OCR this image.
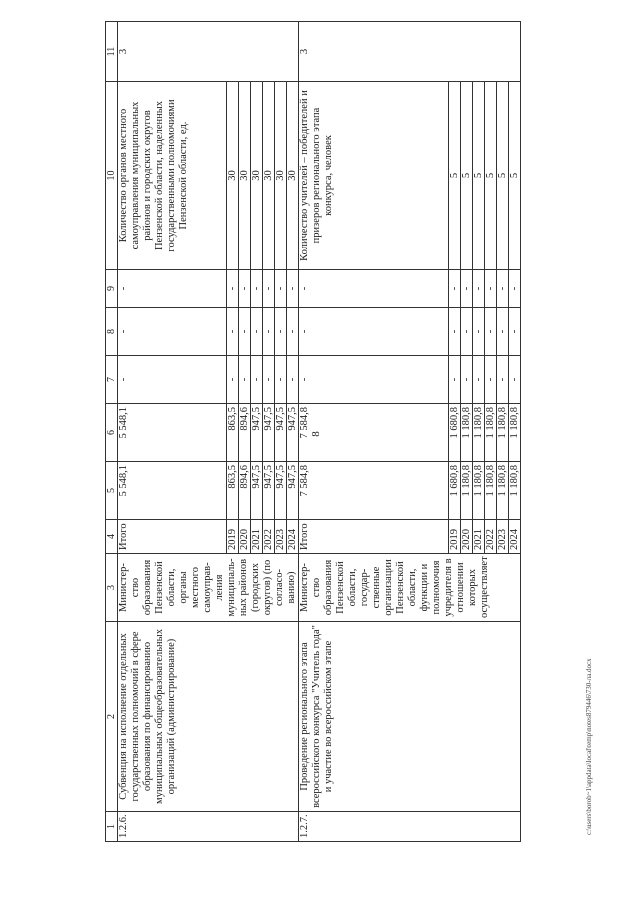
8
1	2	3	4	5	6	7	8	9	10	11
1.2.6.	Субвенция на исполнение отдельных государственных полномочий в сфере образования по финансированию муниципальных общеобразовательных организаций (администрирование)	Министер-ство образования Пензенской области, органы местного самоуправ-ления муниципаль-ных районов (городских округов) (по согласо-ванию)	Итого	5 548,1	5 548,1	-	-	-	Количество органов местного самоуправления муниципальных районов и городских округов Пензенской области, наделенных государственными полномочиями Пензенской области, ед.	3
			2019	863,5	863,5	-	-	-	30	
			2020	894,6	894,6	-	-	-	30	
			2021	947,5	947,5	-	-	-	30	
			2022	947,5	947,5	-	-	-	30	
			2023	947,5	947,5	-	-	-	30	
			2024	947,5	947,5	-	-	-	30	
1.2.7.	Проведение регионального этапа всероссийского конкурса "Учитель года" и участие во всероссийском этапе	Министер-ство образования Пензенской области, государ-ственные организации Пензенской области, функции и полномочия учредителя в отношении которых осуществляет	Итого	7 584,8	7 584,8	-	-	-	Количество учителей – победителей и призеров регионального этапа конкурса, человек	3
			2019	1 680,8	1 680,8	-	-	-	5	
			2020	1 180,8	1 180,8	-	-	-	5	
			2021	1 180,8	1 180,8	-	-	-	5	
			2022	1 180,8	1 180,8	-	-	-	5	
			2023	1 180,8	1 180,8	-	-	-	5	
			2024	1 180,8	1 180,8	-	-	-	5	
c:\users\borob~1\appdata\local\temp\notes879446\730-ла.docx
